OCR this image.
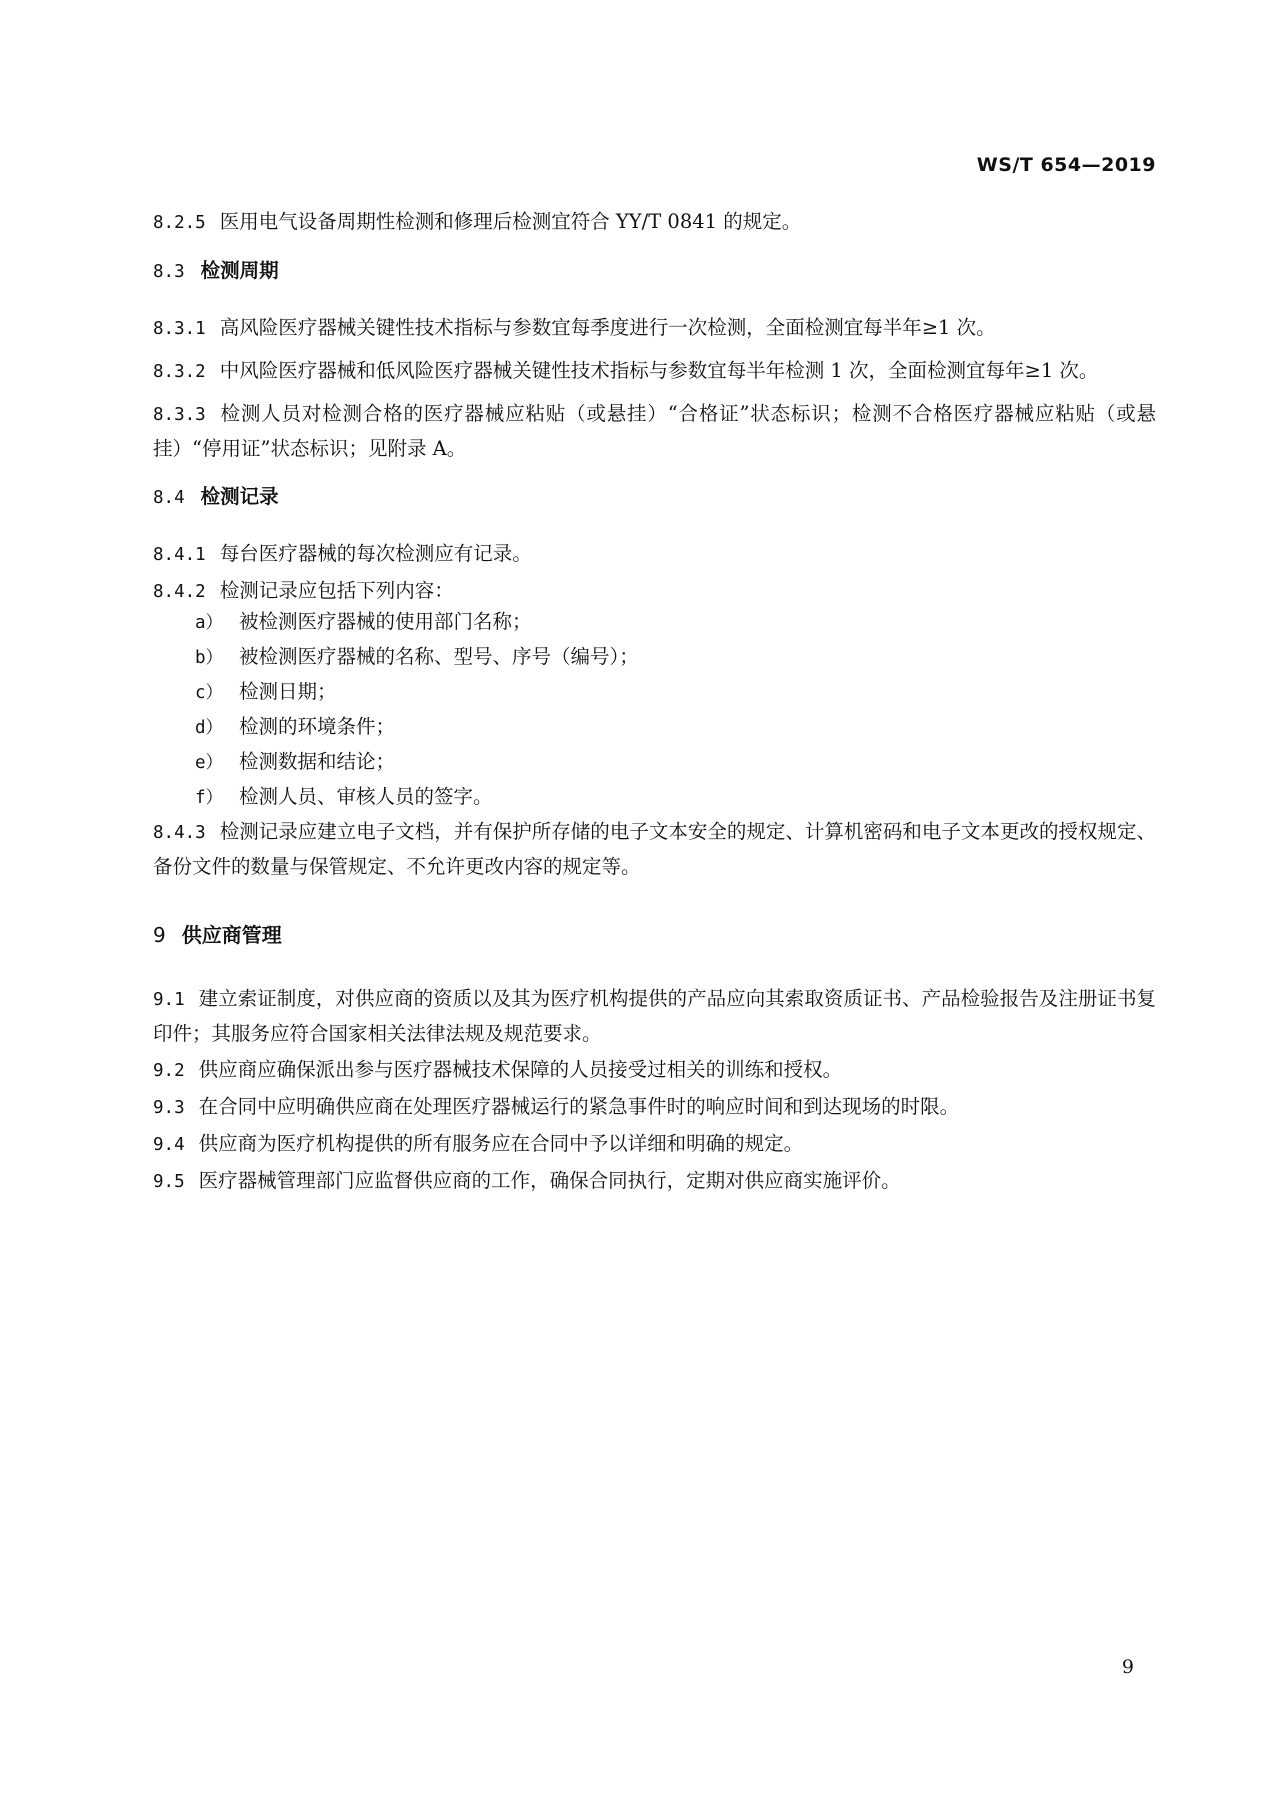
WS/T 654—2019

8.2.5 医用电气设备周期性检测和修理后检测宜符合 YY/T 0841 的规定。

8.3 检测周期

8.3.1 高风险医疗器械关键性技术指标与参数宜每季度进行一次检测，全面检测宜每半年≥1 次。

8.3.2 中风险医疗器械和低风险医疗器械关键性技术指标与参数宜每半年检测 1 次，全面检测宜每年≥1 次。

8.3.3 检测人员对检测合格的医疗器械应粘贴（或悬挂）“合格证”状态标识；检测不合格医疗器械应粘贴（或悬挂）“停用证”状态标识；见附录 A。

8.4 检测记录

8.4.1 每台医疗器械的每次检测应有记录。

8.4.2 检测记录应包括下列内容：

a） 被检测医疗器械的使用部门名称；
b） 被检测医疗器械的名称、型号、序号（编号）；
c） 检测日期；
d） 检测的环境条件；
e） 检测数据和结论；
f） 检测人员、审核人员的签字。

8.4.3 检测记录应建立电子文档，并有保护所存储的电子文本安全的规定、计算机密码和电子文本更改的授权规定、备份文件的数量与保管规定、不允许更改内容的规定等。

9 供应商管理

9.1 建立索证制度，对供应商的资质以及其为医疗机构提供的产品应向其索取资质证书、产品检验报告及注册证书复印件；其服务应符合国家相关法律法规及规范要求。

9.2 供应商应确保派出参与医疗器械技术保障的人员接受过相关的训练和授权。

9.3 在合同中应明确供应商在处理医疗器械运行的紧急事件时的响应时间和到达现场的时限。

9.4 供应商为医疗机构提供的所有服务应在合同中予以详细和明确的规定。

9.5 医疗器械管理部门应监督供应商的工作，确保合同执行，定期对供应商实施评价。

9
